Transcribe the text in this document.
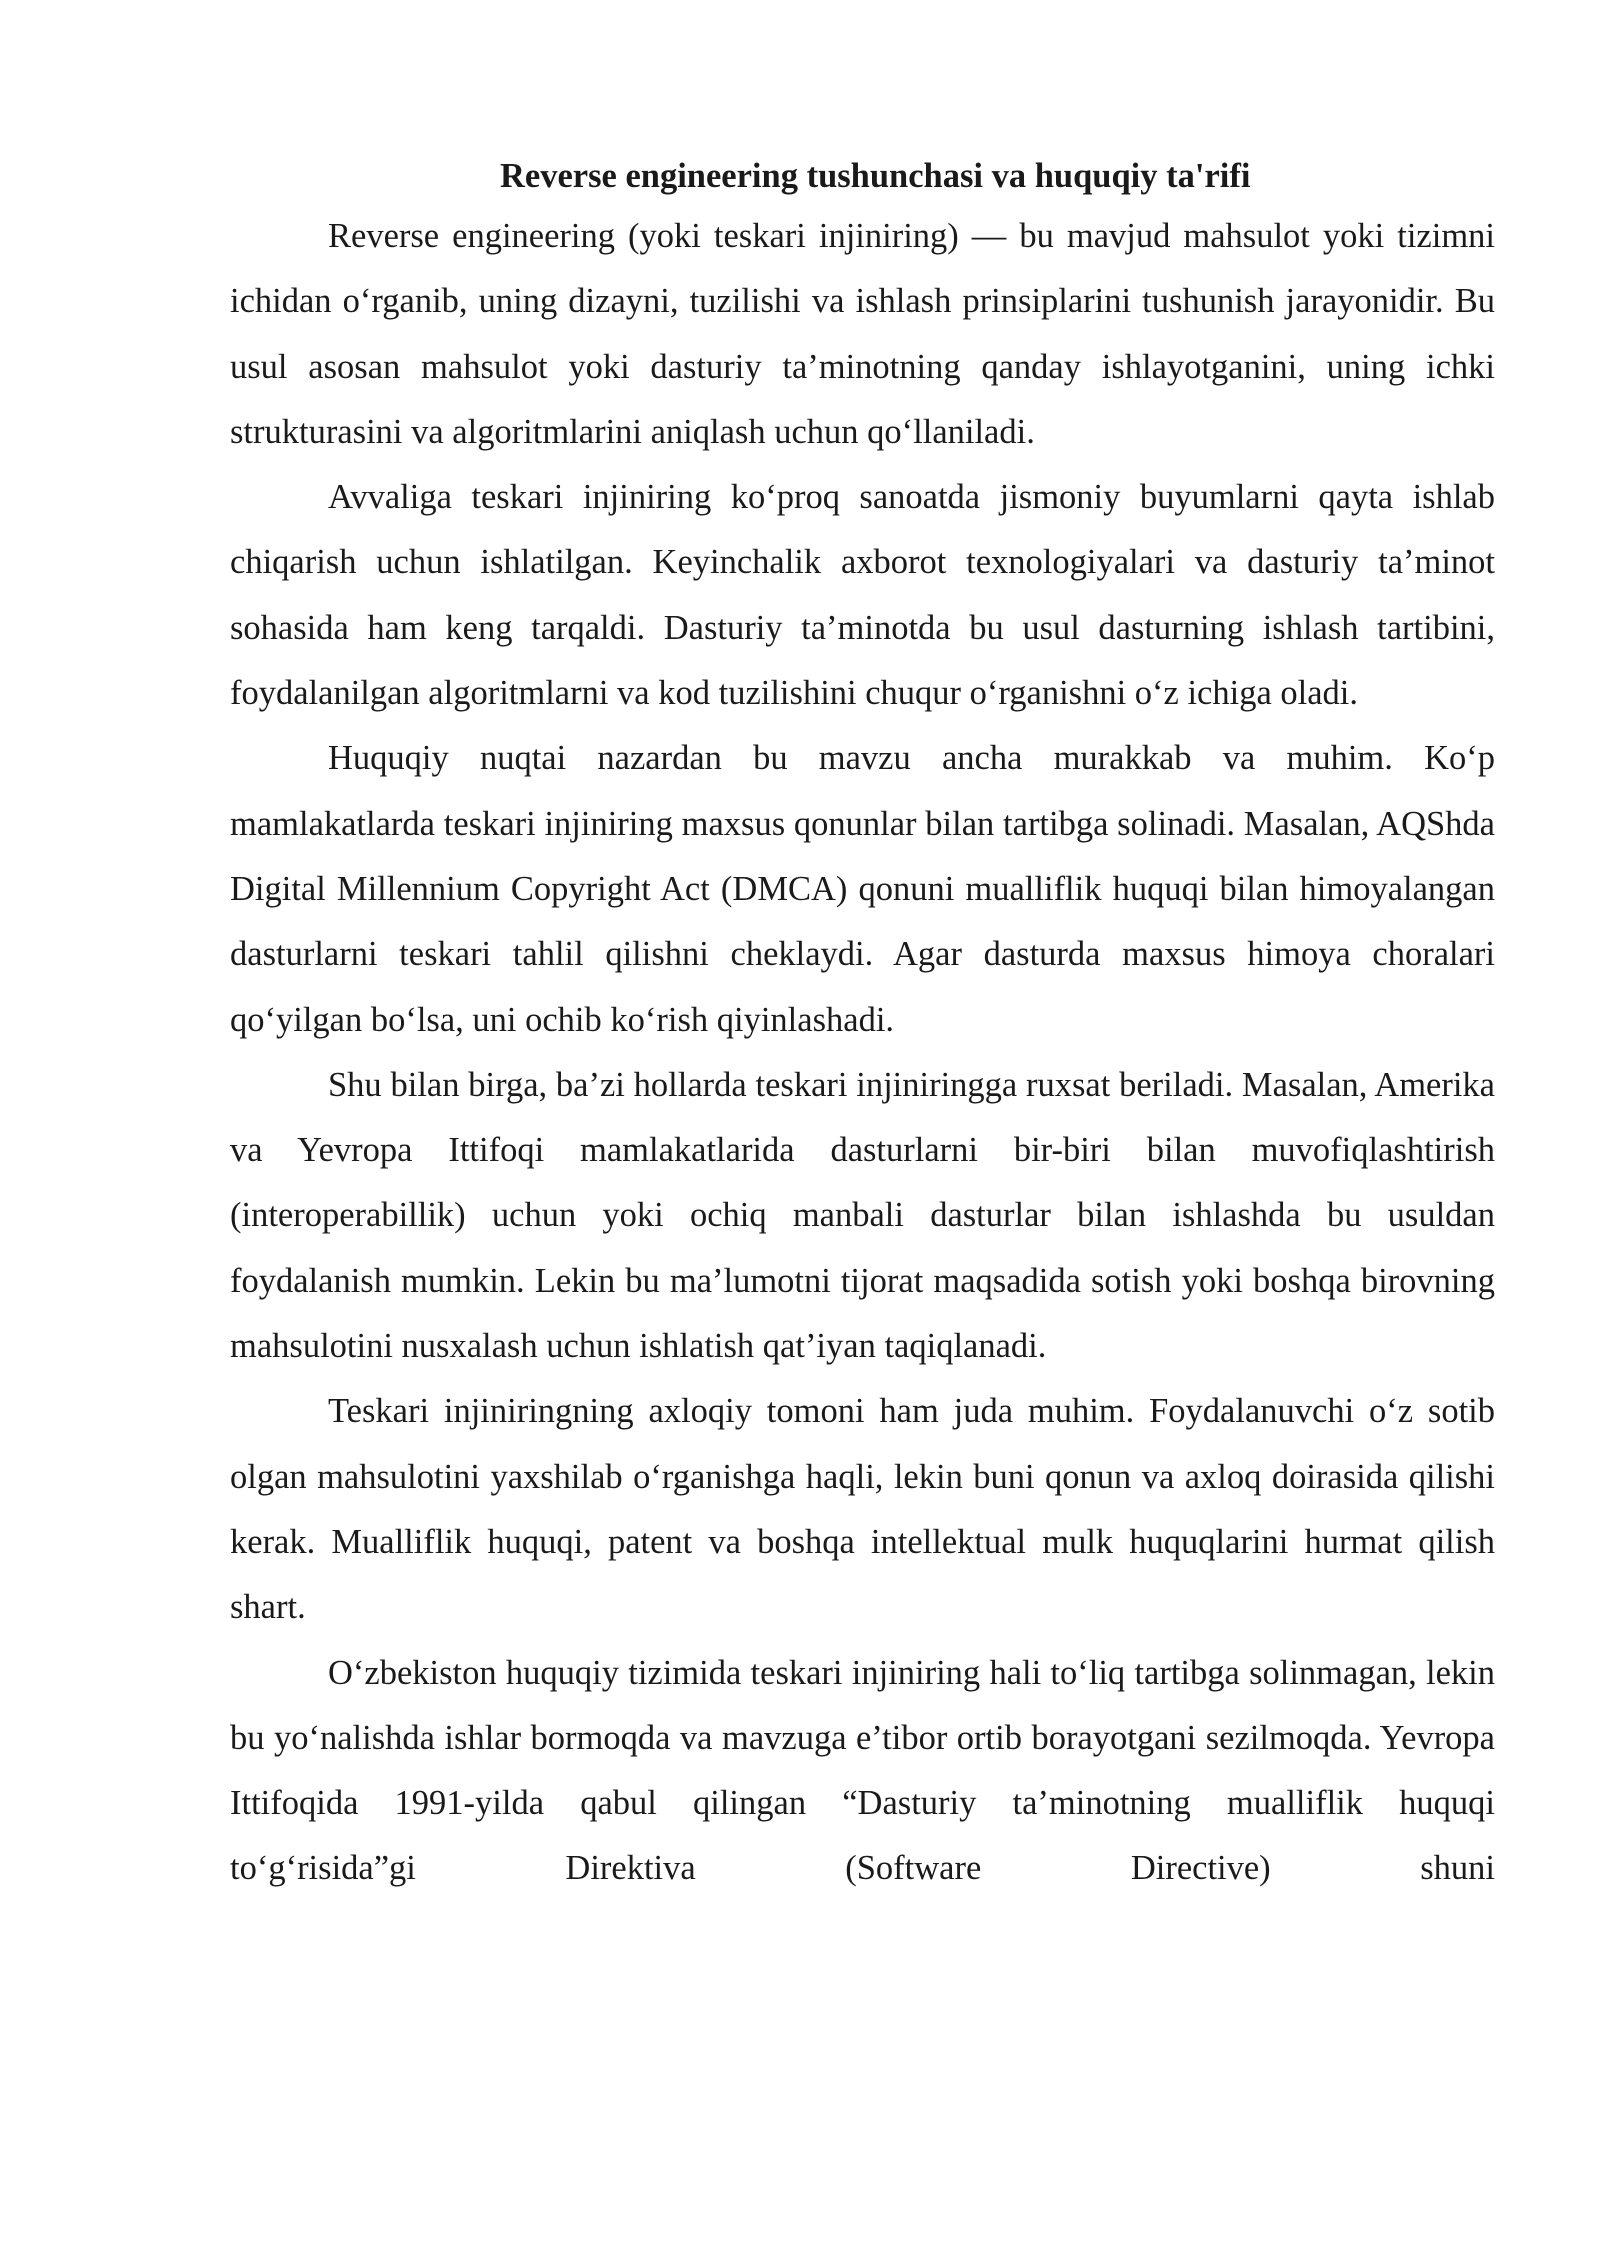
Reverse engineering tushunchasi va huquqiy ta'rifi

Reverse engineering (yoki teskari injiniring) — bu mavjud mahsulot yoki tizimni ichidan o‘rganib, uning dizayni, tuzilishi va ishlash prinsiplarini tushunish jarayonidir. Bu usul asosan mahsulot yoki dasturiy ta’minotning qanday ishlayotganini, uning ichki strukturasini va algoritmlarini aniqlash uchun qo‘llaniladi.

Avvaliga teskari injiniring ko‘proq sanoatda jismoniy buyumlarni qayta ishlab chiqarish uchun ishlatilgan. Keyinchalik axborot texnologiyalari va dasturiy ta’minot sohasida ham keng tarqaldi. Dasturiy ta’minotda bu usul dasturning ishlash tartibini, foydalanilgan algoritmlarni va kod tuzilishini chuqur o‘rganishni o‘z ichiga oladi.

Huquqiy nuqtai nazardan bu mavzu ancha murakkab va muhim. Ko‘p mamlakatlarda teskari injiniring maxsus qonunlar bilan tartibga solinadi. Masalan, AQShda Digital Millennium Copyright Act (DMCA) qonuni mualliflik huquqi bilan himoyalangan dasturlarni teskari tahlil qilishni cheklaydi. Agar dasturda maxsus himoya choralari qo‘yilgan bo‘lsa, uni ochib ko‘rish qiyinlashadi.

Shu bilan birga, ba’zi hollarda teskari injiniringga ruxsat beriladi. Masalan, Amerika va Yevropa Ittifoqi mamlakatlarida dasturlarni bir-biri bilan muvofiqlashtirish (interoperabillik) uchun yoki ochiq manbali dasturlar bilan ishlashda bu usuldan foydalanish mumkin. Lekin bu ma’lumotni tijorat maqsadida sotish yoki boshqa birovning mahsulotini nusxalash uchun ishlatish qat’iyan taqiqlanadi.

Teskari injiniringning axloqiy tomoni ham juda muhim. Foydalanuvchi o‘z sotib olgan mahsulotini yaxshilab o‘rganishga haqli, lekin buni qonun va axloq doirasida qilishi kerak. Mualliflik huquqi, patent va boshqa intellektual mulk huquqlarini hurmat qilish shart.

O‘zbekiston huquqiy tizimida teskari injiniring hali to‘liq tartibga solinmagan, lekin bu yo‘nalishda ishlar bormoqda va mavzuga e’tibor ortib borayotgani sezilmoqda. Yevropa Ittifoqida 1991-yilda qabul qilingan “Dasturiy ta’minotning mualliflik huquqi to‘g‘risida”gi Direktiva (Software Directive) shuni
